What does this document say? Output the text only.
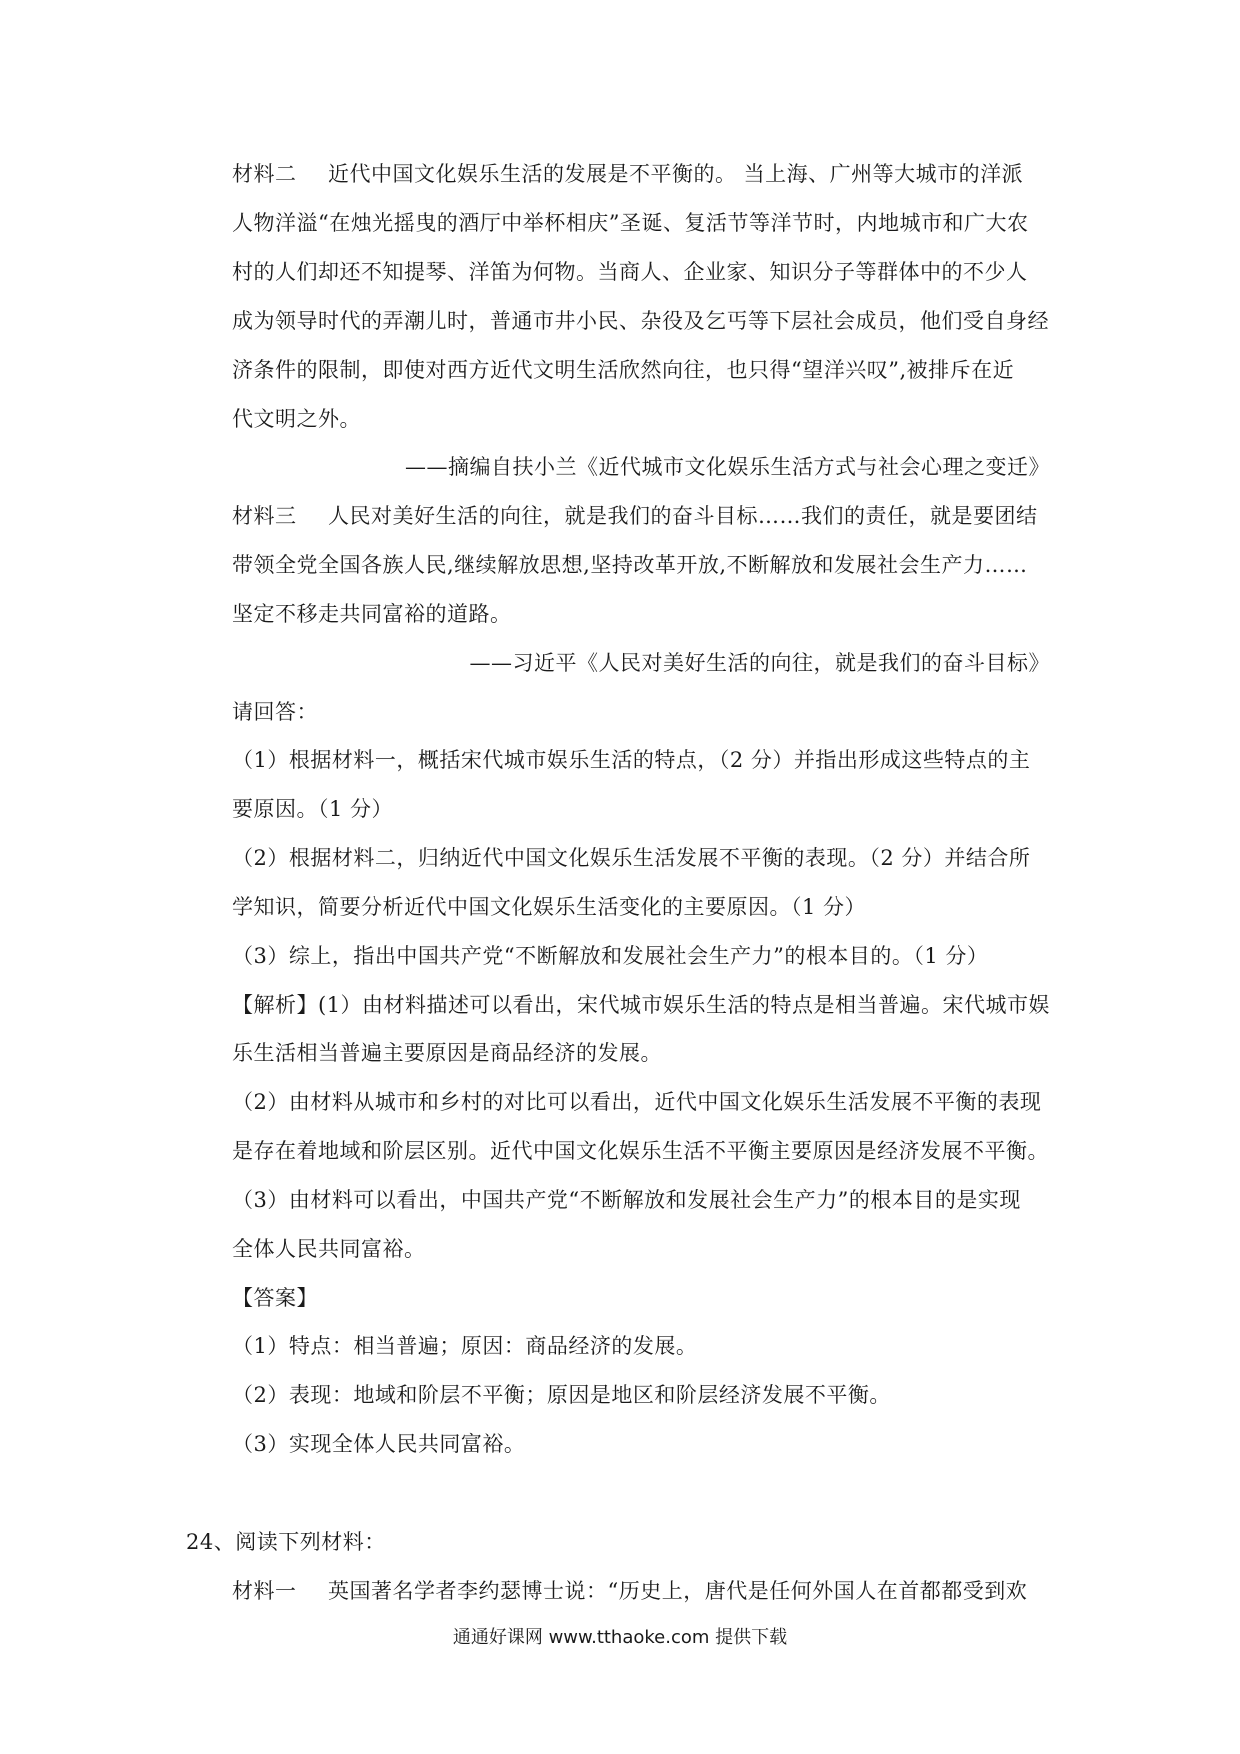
材料二 近代中国文化娱乐生活的发展是不平衡的。 当上海、广州等大城市的洋派
人物洋溢“在烛光摇曳的酒厅中举杯相庆”圣诞、复活节等洋节时，内地城市和广大农
村的人们却还不知提琴、洋笛为何物。当商人、企业家、知识分子等群体中的不少人
成为领导时代的弄潮儿时，普通市井小民、杂役及乞丐等下层社会成员，他们受自身经
济条件的限制，即使对西方近代文明生活欣然向往，也只得“望洋兴叹”,被排斥在近
代文明之外。
——摘编自扶小兰《近代城市文化娱乐生活方式与社会心理之变迁》
材料三 人民对美好生活的向往，就是我们的奋斗目标……我们的责任，就是要团结
带领全党全国各族人民,继续解放思想,坚持改革开放,不断解放和发展社会生产力……
坚定不移走共同富裕的道路。
——习近平《人民对美好生活的向往，就是我们的奋斗目标》
请回答：
（1）根据材料一，概括宋代城市娱乐生活的特点，（2 分）并指出形成这些特点的主
要原因。（1 分）
（2）根据材料二，归纳近代中国文化娱乐生活发展不平衡的表现。（2 分）并结合所
学知识，简要分析近代中国文化娱乐生活变化的主要原因。（1 分）
（3）综上，指出中国共产党“不断解放和发展社会生产力”的根本目的。（1 分）
【解析】(1）由材料描述可以看出，宋代城市娱乐生活的特点是相当普遍。宋代城市娱
乐生活相当普遍主要原因是商品经济的发展。
（2）由材料从城市和乡村的对比可以看出，近代中国文化娱乐生活发展不平衡的表现
是存在着地域和阶层区别。近代中国文化娱乐生活不平衡主要原因是经济发展不平衡。
（3）由材料可以看出，中国共产党“不断解放和发展社会生产力”的根本目的是实现
全体人民共同富裕。
【答案】
（1）特点：相当普遍；原因：商品经济的发展。
（2）表现：地域和阶层不平衡；原因是地区和阶层经济发展不平衡。
（3）实现全体人民共同富裕。
24、阅读下列材料：
材料一 英国著名学者李约瑟博士说：“历史上，唐代是任何外国人在首都都受到欢
通通好课网 www.tthaoke.com 提供下载
